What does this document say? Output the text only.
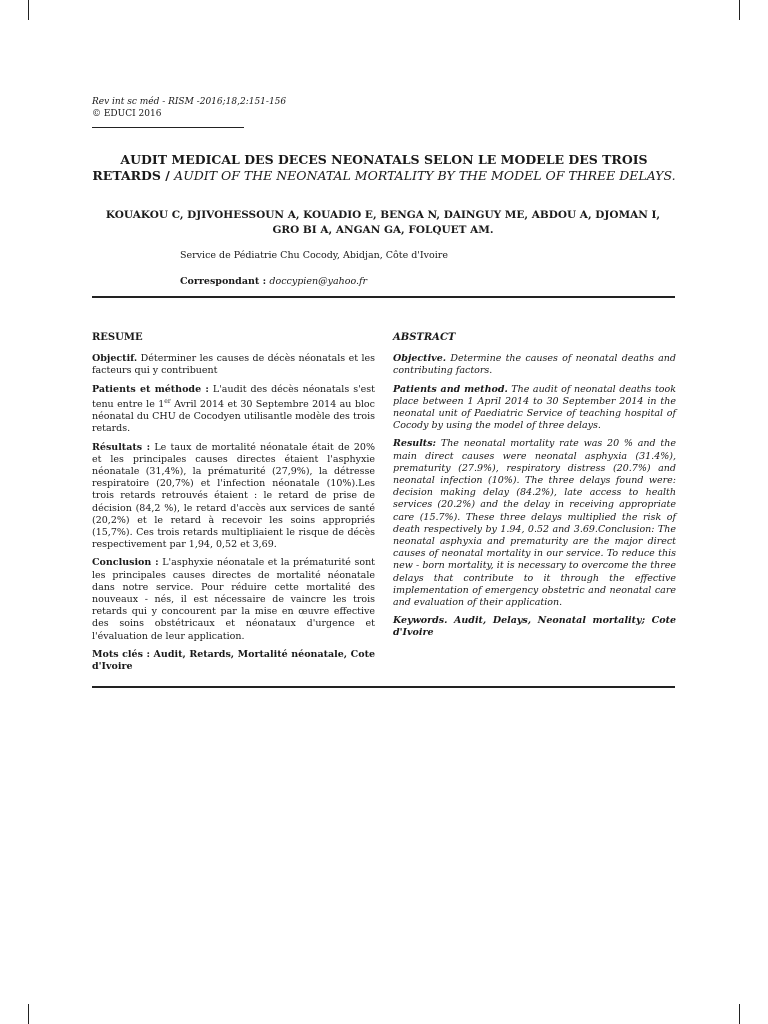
Rev int sc méd - RISM -2016;18,2:151-156
© EDUCI 2016
AUDIT MEDICAL DES DECES NEONATALS SELON LE MODELE DES TROIS RETARDS / AUDIT OF THE NEONATAL MORTALITY BY THE MODEL OF THREE DELAYS.
KOUAKOU C, DJIVOHESSOUN A, KOUADIO E, BENGA N, DAINGUY ME, ABDOU A, DJOMAN I, GRO BI A, ANGAN GA, FOLQUET AM.
Service de Pédiatrie Chu Cocody, Abidjan, Côte d'Ivoire
Correspondant : doccypien@yahoo.fr
RESUME

Objectif. Déterminer les causes de décès néonatals et les facteurs qui y contribuent

Patients et méthode : L'audit des décès néonatals s'est tenu entre le 1er Avril 2014 et 30 Septembre 2014 au bloc néonatal du CHU de Cocodyen utilisantle modèle des trois retards.

Résultats : Le taux de mortalité néonatale était de 20% et les principales causes directes étaient l'asphyxie néonatale (31,4%), la prématurité (27,9%), la détresse respiratoire (20,7%) et l'infection néonatale (10%).Les trois retards retrouvés étaient : le retard de prise de décision (84,2 %), le retard d'accès aux services de santé (20,2%) et le retard à recevoir les soins appropriés (15,7%). Ces trois retards multipliaient le risque de décès respectivement par 1,94, 0,52 et 3,69.

Conclusion : L'asphyxie néonatale et la prématurité sont les principales causes directes de mortalité néonatale dans notre service. Pour réduire cette mortalité des nouveaux - nés, il est nécessaire de vaincre les trois retards qui y concourent par la mise en œuvre effective des soins obstétricaux et néonataux d'urgence et l'évaluation de leur application.

Mots clés : Audit, Retards, Mortalité néonatale, Cote d'Ivoire

ABSTRACT

Objective. Determine the causes of neonatal deaths and contributing factors.

Patients and method. The audit of neonatal deaths took place between 1 April 2014 to 30 September 2014 in the neonatal unit of Paediatric Service of teaching hospital of Cocody by using the model of three delays.

Results: The neonatal mortality rate was 20 % and the main direct causes were neonatal asphyxia (31.4%), prematurity (27.9%), respiratory distress (20.7%) and neonatal infection (10%). The three delays found were: decision making delay (84.2%), late access to health services (20.2%) and the delay in receiving appropriate care (15.7%). These three delays multiplied the risk of death respectively by 1.94, 0.52 and 3.69.Conclusion: The neonatal asphyxia and prematurity are the major direct causes of neonatal mortality in our service. To reduce this new - born mortality, it is necessary to overcome the three delays that contribute to it through the effective implementation of emergency obstetric and neonatal care and evaluation of their application.

Keywords. Audit, Delays, Neonatal mortality; Cote d'Ivoire
